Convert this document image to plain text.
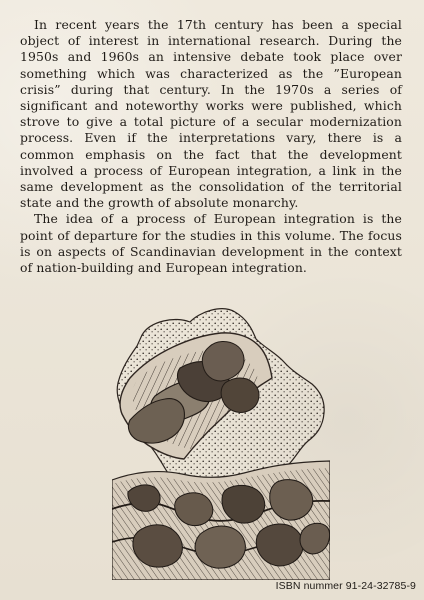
In recent years the 17th century has been a special object of interest in international research. During the 1950s and 1960s an intensive debate took place over something which was characterized as the ”European crisis” during that century. In the 1970s a series of significant and noteworthy works were published, which strove to give a total picture of a secular modernization process. Even if the interpretations vary, there is a common emphasis on the fact that the development involved a process of European integration, a link in the same development as the consolidation of the territorial state and the growth of absolute monarchy.

The idea of a process of European integration is the point of departure for the studies in this volume. The focus is on aspects of Scandinavian development in the context of nation-building and European integration.

ISBN nummer 91-24-32785-9
